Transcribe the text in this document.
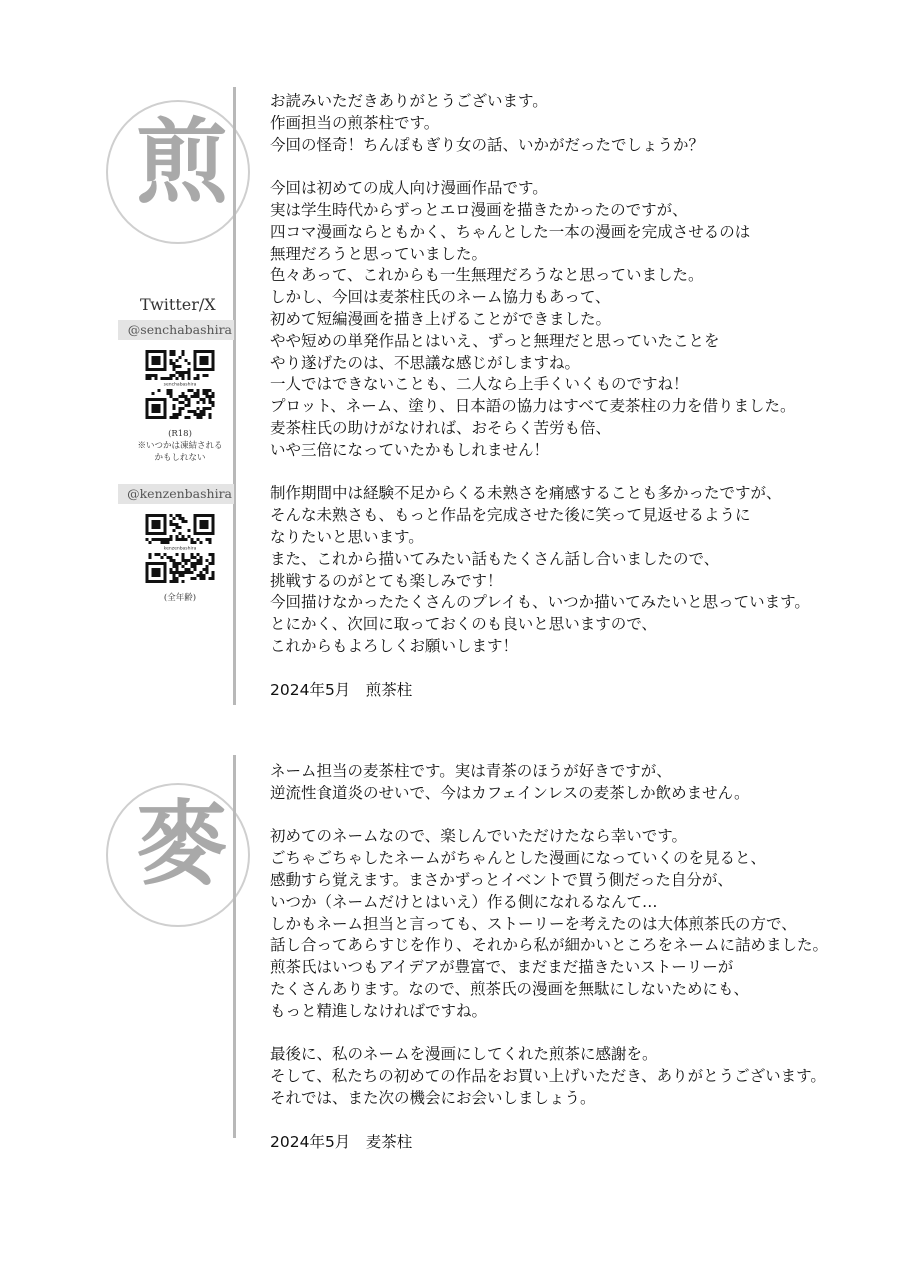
煎

お読みいただきありがとうございます。

作画担当の煎茶柱です。

今回の怪奇！ちんぽもぎり女の話、いかがだったでしょうか？

今回は初めての成人向け漫画作品です。

実は学生時代からずっとエロ漫画を描きたかったのですが、

四コマ漫画ならともかく、ちゃんとした一本の漫画を完成させるのは

無理だろうと思っていました。

色々あって、これからも一生無理だろうなと思っていました。

しかし、今回は麦茶柱氏のネーム協力もあって、

初めて短編漫画を描き上げることができました。

やや短めの単発作品とはいえ、ずっと無理だと思っていたことを

やり遂げたのは、不思議な感じがしますね。

一人ではできないことも、二人なら上手くいくものですね！

プロット、ネーム、塗り、日本語の協力はすべて麦茶柱の力を借りました。

麦茶柱氏の助けがなければ、おそらく苦労も倍、

いや三倍になっていたかもしれません！

制作期間中は経験不足からくる未熟さを痛感することも多かったですが、

そんな未熟さも、もっと作品を完成させた後に笑って見返せるように

なりたいと思います。

また、これから描いてみたい話もたくさん話し合いましたので、

挑戦するのがとても楽しみです！

今回描けなかったたくさんのプレイも、いつか描いてみたいと思っています。

とにかく、次回に取っておくのも良いと思いますので、

これからもよろしくお願いします！

2024年5月　煎茶柱

Twitter/X
@senchabashira
senchabashira
(R18)
※いつかは凍結される
かもしれない
@kenzenbashira
kenzenbashira
(全年齢)
麥

ネーム担当の麦茶柱です。実は青茶のほうが好きですが、

逆流性食道炎のせいで、今はカフェインレスの麦茶しか飲めません。

初めてのネームなので、楽しんでいただけたなら幸いです。

ごちゃごちゃしたネームがちゃんとした漫画になっていくのを見ると、

感動すら覚えます。まさかずっとイベントで買う側だった自分が、

いつか（ネームだけとはいえ）作る側になれるなんて…

しかもネーム担当と言っても、ストーリーを考えたのは大体煎茶氏の方で、

話し合ってあらすじを作り、それから私が細かいところをネームに詰めました。

煎茶氏はいつもアイデアが豊富で、まだまだ描きたいストーリーが

たくさんあります。なので、煎茶氏の漫画を無駄にしないためにも、

もっと精進しなければですね。

最後に、私のネームを漫画にしてくれた煎茶に感謝を。

そして、私たちの初めての作品をお買い上げいただき、ありがとうございます。

それでは、また次の機会にお会いしましょう。

2024年5月　麦茶柱
